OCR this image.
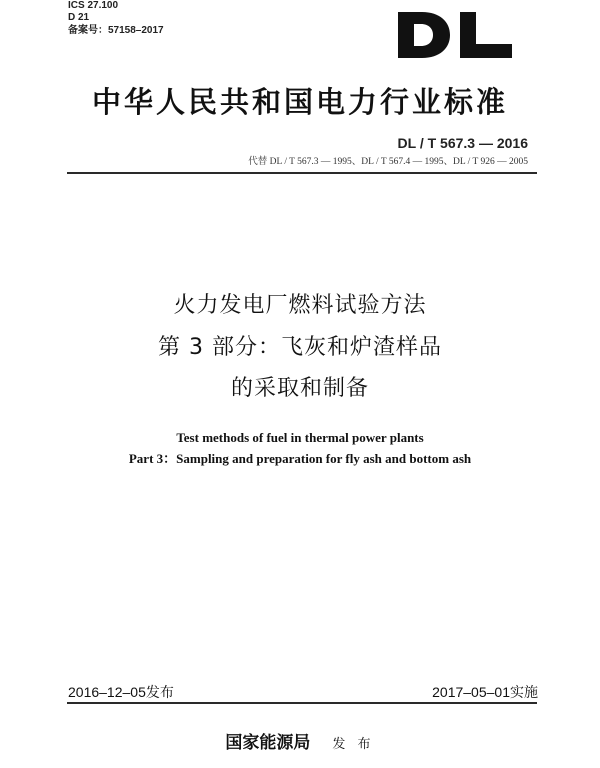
ICS 27.100
D 21
备案号：57158–2017
中华人民共和国电力行业标准
DL / T 567.3 — 2016
代替 DL / T 567.3 — 1995、DL / T 567.4 — 1995、DL / T 926 — 2005
火力发电厂燃料试验方法
第 3 部分：飞灰和炉渣样品
的采取和制备
Test methods of fuel in thermal power plants
Part 3：Sampling and preparation for fly ash and bottom ash
2016–12–05发布	2017–05–01实施
国家能源局 发 布
